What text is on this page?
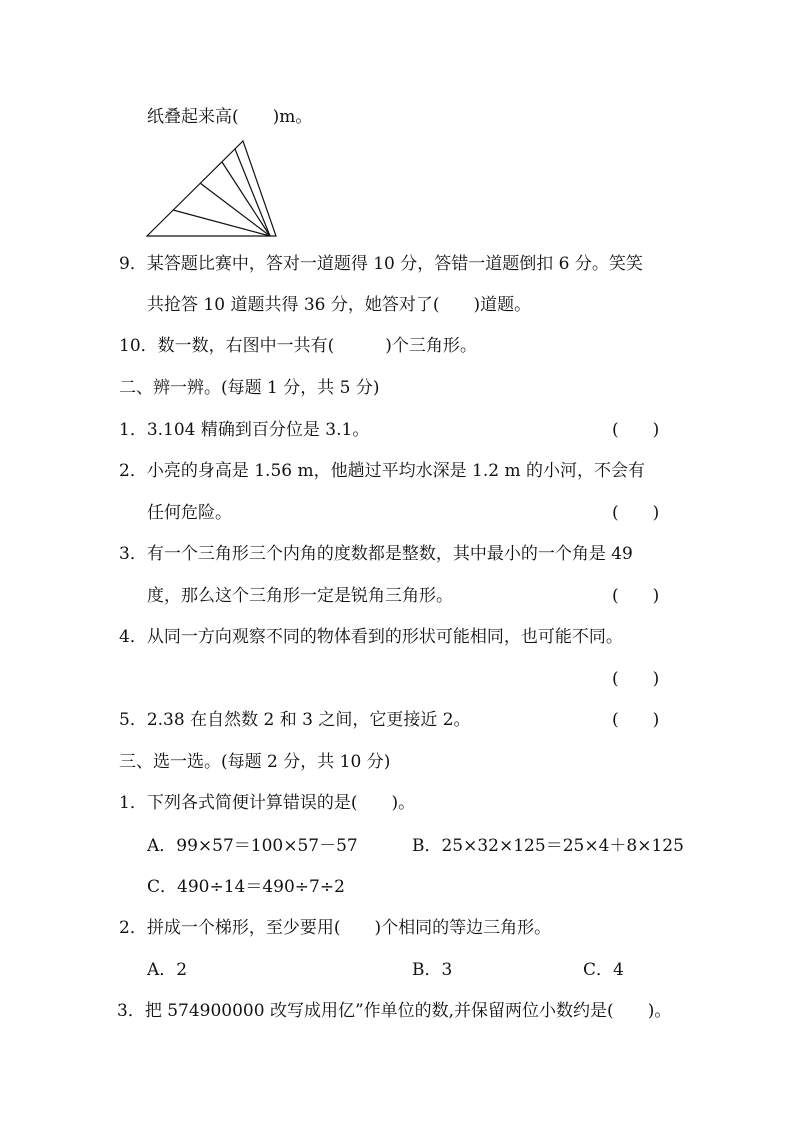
纸叠起来高(　　)m。
9．某答题比赛中，答对一道题得 10 分，答错一道题倒扣 6 分。笑笑
共抢答 10 道题共得 36 分，她答对了(　　)道题。
10．数一数，右图中一共有(　　　)个三角形。
二、辨一辨。(每题 1 分，共 5 分)
1．3.104 精确到百分位是 3.1。	(　　)
2．小亮的身高是 1.56 m，他趟过平均水深是 1.2 m 的小河，不会有
任何危险。	(　　)
3．有一个三角形三个内角的度数都是整数，其中最小的一个角是 49
度，那么这个三角形一定是锐角三角形。	(　　)
4．从同一方向观察不同的物体看到的形状可能相同，也可能不同。
(　　)
5．2.38 在自然数 2 和 3 之间，它更接近 2。	(　　)
三、选一选。(每题 2 分，共 10 分)
1．下列各式简便计算错误的是(　　)。
A．99×57＝100×57－57	B．25×32×125＝25×4＋8×125
C．490÷14＝490÷7÷2
2．拼成一个梯形，至少要用(　　)个相同的等边三角形。
A．2	B．3	C．4
3．把 574900000 改写成用亿”作单位的数,并保留两位小数约是(　　)。
